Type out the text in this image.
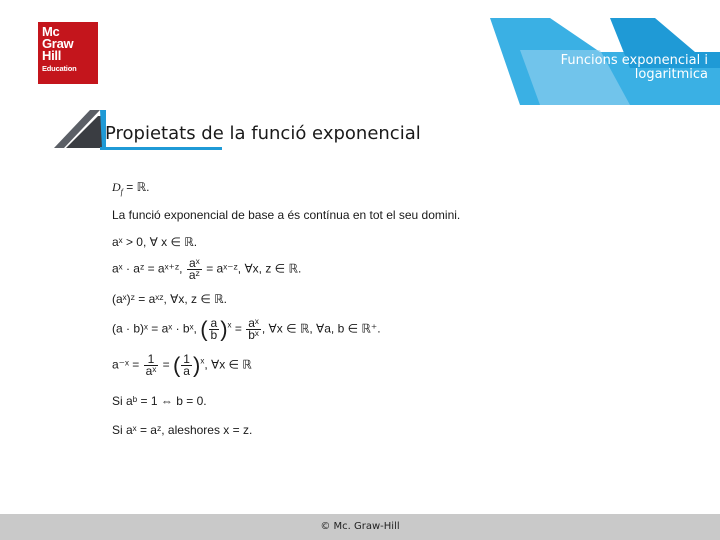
Mc
Graw
Hill
Education
Funcions exponencial i
logaritmica
Propietats de la funció exponencial
$D_f$ = ℝ.
La funció exponencial de base a és contínua en tot el seu domini.
aˣ > 0, ∀ x ∈ ℝ.
aˣ · aᶻ = aˣ⁺ᶻ, $\frac{\text{aˣ}}{\text{aᶻ}}$ = aˣ⁻ᶻ, ∀x, z ∈ ℝ.
(aˣ)ᶻ = aˣᶻ, ∀x, z ∈ ℝ.
(a · b)ˣ = aˣ · bˣ, ( $\frac{a}{b} )^x = \frac{\text{aˣ}}{\text{bˣ}}$ , ∀x ∈ ℝ, ∀a, b ∈ ℝ⁺.
a⁻ˣ = $\frac{1}{\text{aˣ}}$ = ( $\frac{1}{a} )^x$, ∀x ∈ ℝ
Si aᵇ = 1 ⇔ b = 0.
Si aˣ = aᶻ, aleshores x = z.
© Mc. Graw-Hill
